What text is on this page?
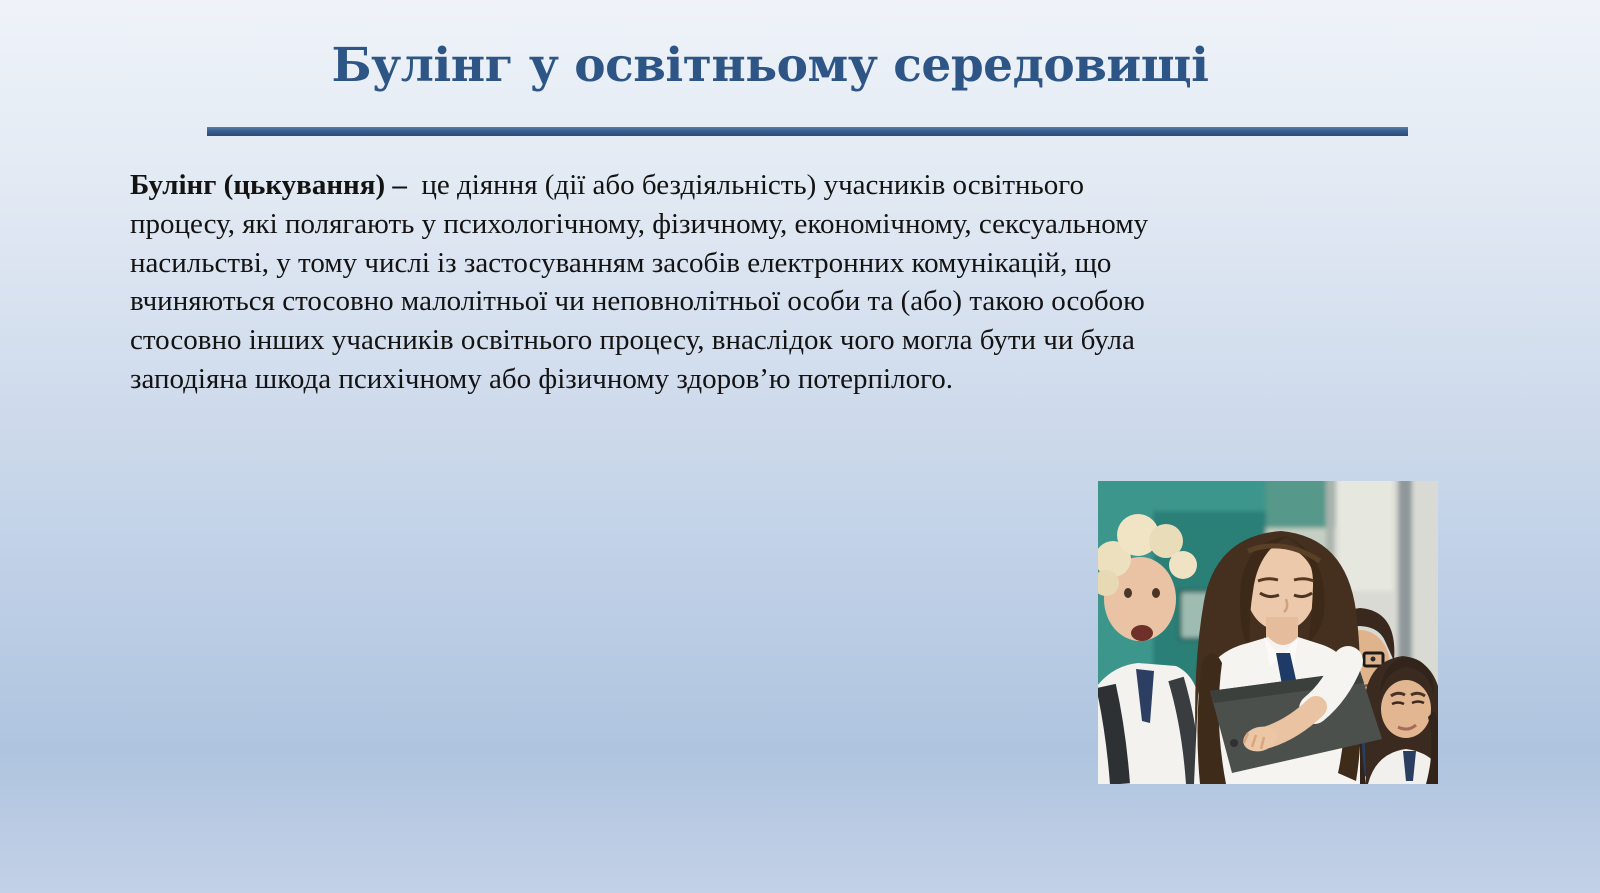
Булінг у освітньому середовищі
Булінг (цькування) –  це діяння (дії або бездіяльність) учасників освітнього
процесу, які полягають у психологічному, фізичному, економічному, сексуальному
насильстві, у тому числі із застосуванням засобів електронних комунікацій, що
вчиняються стосовно малолітньої чи неповнолітньої особи та (або) такою особою
стосовно інших учасників освітнього процесу, внаслідок чого могла бути чи була
заподіяна шкода психічному або фізичному здоров’ю потерпілого.
